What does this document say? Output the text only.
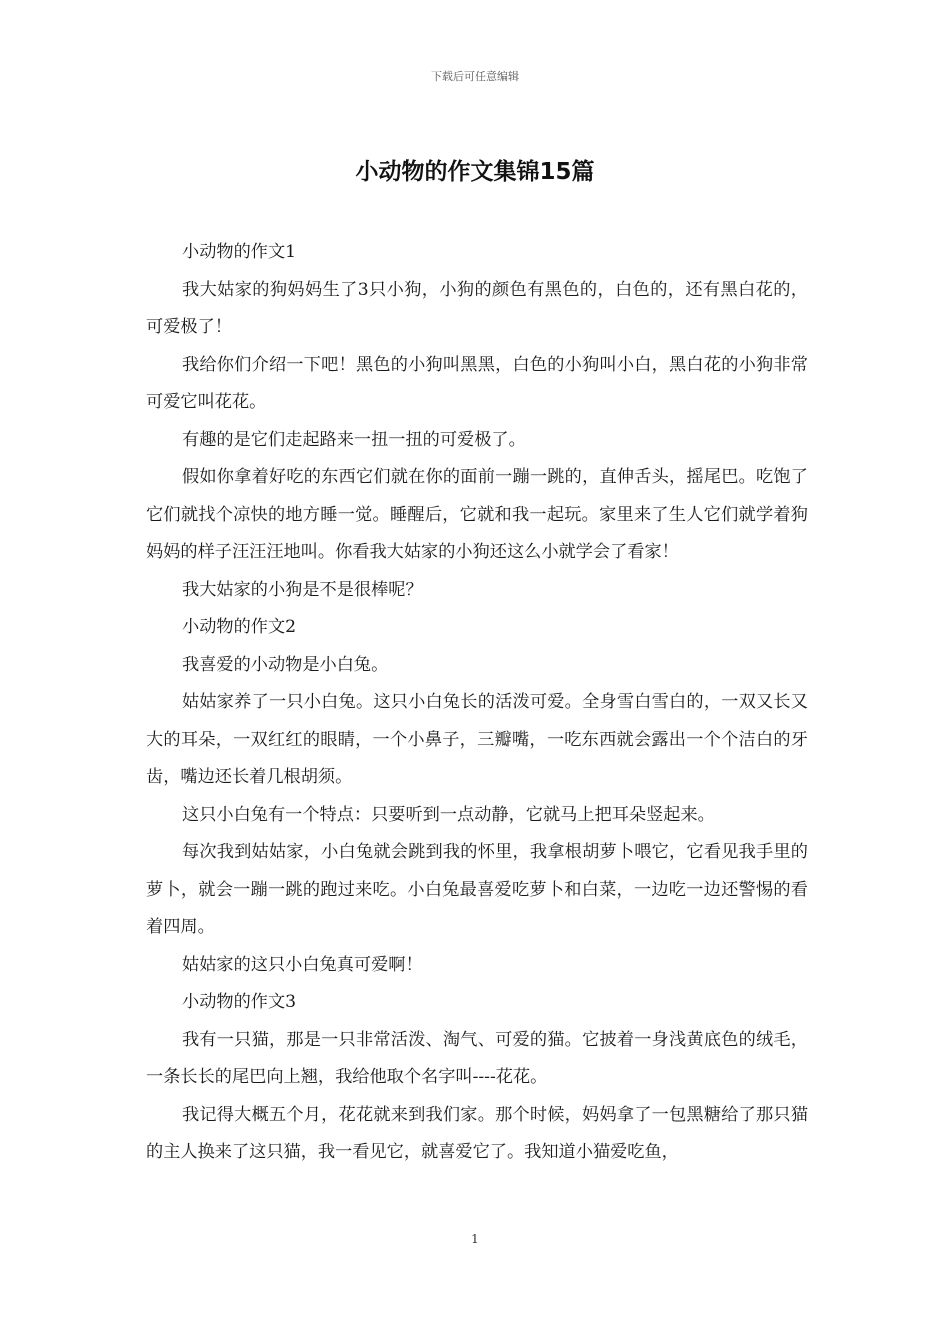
下载后可任意编辑
小动物的作文集锦15篇

小动物的作文1

我大姑家的狗妈妈生了3只小狗，小狗的颜色有黑色的，白色的，还有黑白花的，可爱极了！

我给你们介绍一下吧！黑色的小狗叫黑黑，白色的小狗叫小白，黑白花的小狗非常可爱它叫花花。

有趣的是它们走起路来一扭一扭的可爱极了。

假如你拿着好吃的东西它们就在你的面前一蹦一跳的，直伸舌头，摇尾巴。吃饱了它们就找个凉快的地方睡一觉。睡醒后，它就和我一起玩。家里来了生人它们就学着狗妈妈的样子汪汪汪地叫。你看我大姑家的小狗还这么小就学会了看家！

我大姑家的小狗是不是很棒呢？

小动物的作文2

我喜爱的小动物是小白兔。

姑姑家养了一只小白兔。这只小白兔长的活泼可爱。全身雪白雪白的，一双又长又大的耳朵，一双红红的眼睛，一个小鼻子，三瓣嘴，一吃东西就会露出一个个洁白的牙齿，嘴边还长着几根胡须。

这只小白兔有一个特点：只要听到一点动静，它就马上把耳朵竖起来。

每次我到姑姑家，小白兔就会跳到我的怀里，我拿根胡萝卜喂它，它看见我手里的萝卜，就会一蹦一跳的跑过来吃。小白兔最喜爱吃萝卜和白菜，一边吃一边还警惕的看着四周。

姑姑家的这只小白兔真可爱啊！

小动物的作文3

我有一只猫，那是一只非常活泼、淘气、可爱的猫。它披着一身浅黄底色的绒毛，一条长长的尾巴向上翘，我给他取个名字叫----花花。

我记得大概五个月，花花就来到我们家。那个时候，妈妈拿了一包黑糖给了那只猫的主人换来了这只猫，我一看见它，就喜爱它了。我知道小猫爱吃鱼，

1
